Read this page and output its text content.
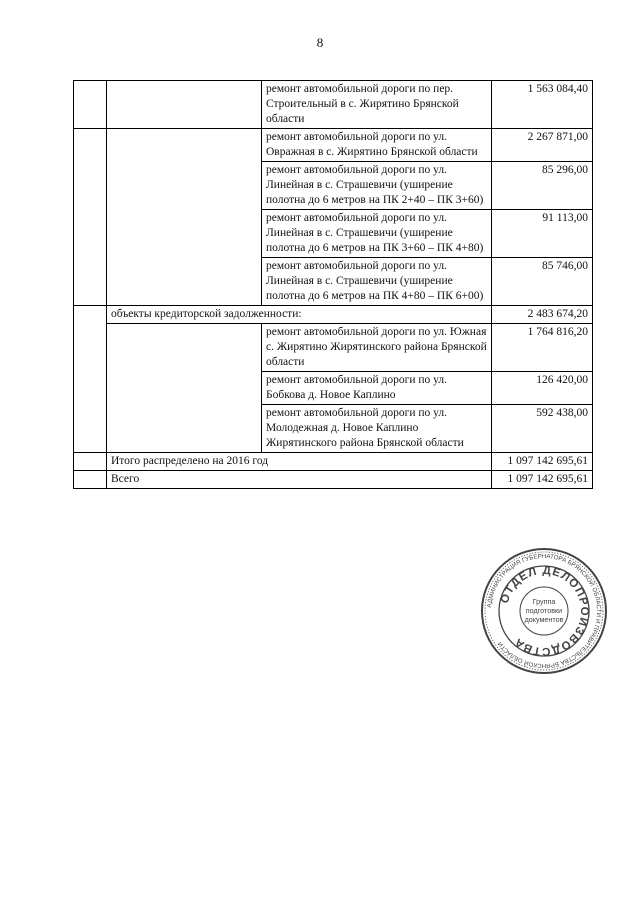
8
		ремонт автомобильной дороги по пер. Строительный в с. Жирятино Брянской области	1 563 084,40
		ремонт автомобильной дороги по ул. Овражная в с. Жирятино Брянской области	2 267 871,00
		ремонт автомобильной дороги по ул. Линейная в с. Страшевичи (уширение полотна до 6 метров на ПК 2+40 – ПК 3+60)	85 296,00
		ремонт автомобильной дороги по ул. Линейная в с. Страшевичи (уширение полотна до 6 метров на ПК 3+60 – ПК 4+80)	91 113,00
		ремонт автомобильной дороги по ул. Линейная в с. Страшевичи (уширение полотна до 6 метров на ПК 4+80 – ПК 6+00)	85 746,00
	объекты кредиторской задолженности:		2 483 674,20
		ремонт автомобильной дороги по ул. Южная с. Жирятино Жирятинского района Брянской области	1 764 816,20
		ремонт автомобильной дороги по ул. Бобкова д. Новое Каплино	126 420,00
		ремонт автомобильной дороги по ул. Молодежная д. Новое Каплино Жирятинского района Брянской области	592 438,00
	Итого распределено на 2016 год		1 097 142 695,61
	Всего		1 097 142 695,61
АДМИНИСТРАЦИЯ ГУБЕРНАТОРА БРЯНСКОЙ ОБЛАСТИ И ПРАВИТЕЛЬСТВА БРЯНСКОЙ ОБЛАСТИ
ОТДЕЛ ДЕЛОПРОИЗВОДСТВА
Группа
подготовки
документов
